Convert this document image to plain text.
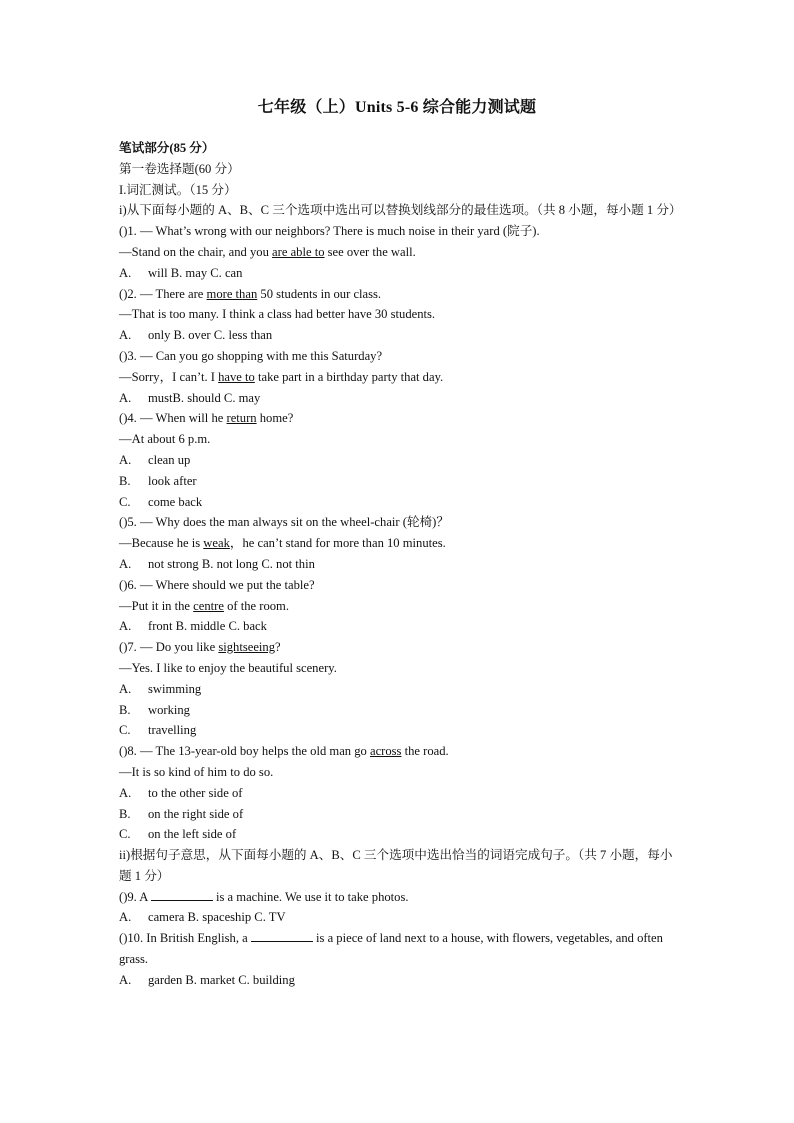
七年级（上）Units 5-6 综合能力测试题
笔试部分(85 分）
第一卷选择题(60 分）
I.词汇测试。（15 分）
i)从下面每小题的 A、B、C 三个选项中选出可以替换划线部分的最佳选项。（共 8 小题，每小题 1 分）
()1. — What’s wrong with our neighbors? There is much noise in their yard (院子).
—Stand on the chair, and you are able to see over the wall.
A. will B. may C. can
()2. — There are more than 50 students in our class.
—That is too many. I think a class had better have 30 students.
A. only B. over C. less than
()3. — Can you go shopping with me this Saturday?
—Sorry，I can’t. I have to take part in a birthday party that day.
A. mustB. should C. may
()4. — When will he return home?
—At about 6 p.m.
A. clean up
B. look after
C. come back
()5. — Why does the man always sit on the wheel-chair (轮椅)？
—Because he is weak，he can’t stand for more than 10 minutes.
A. not strong B. not long C. not thin
()6. — Where should we put the table?
—Put it in the centre of the room.
A. front B. middle C. back
()7. — Do you like sightseeing?
—Yes. I like to enjoy the beautiful scenery.
A. swimming
B. working
C. travelling
()8. — The 13-year-old boy helps the old man go across the road.
—It is so kind of him to do so.
A. to the other side of
B. on the right side of
C. on the left side of
ii)根据句子意思，从下面每小题的 A、B、C 三个选项中选出恰当的词语完成句子。（共 7 小题，每小题 1 分）
()9. A	is a machine. We use it to take photos.
A. camera B. spaceship C. TV
()10. In British English, a	is a piece of land next to a house, with flowers, vegetables, and often grass.
A. garden B. market C. building
